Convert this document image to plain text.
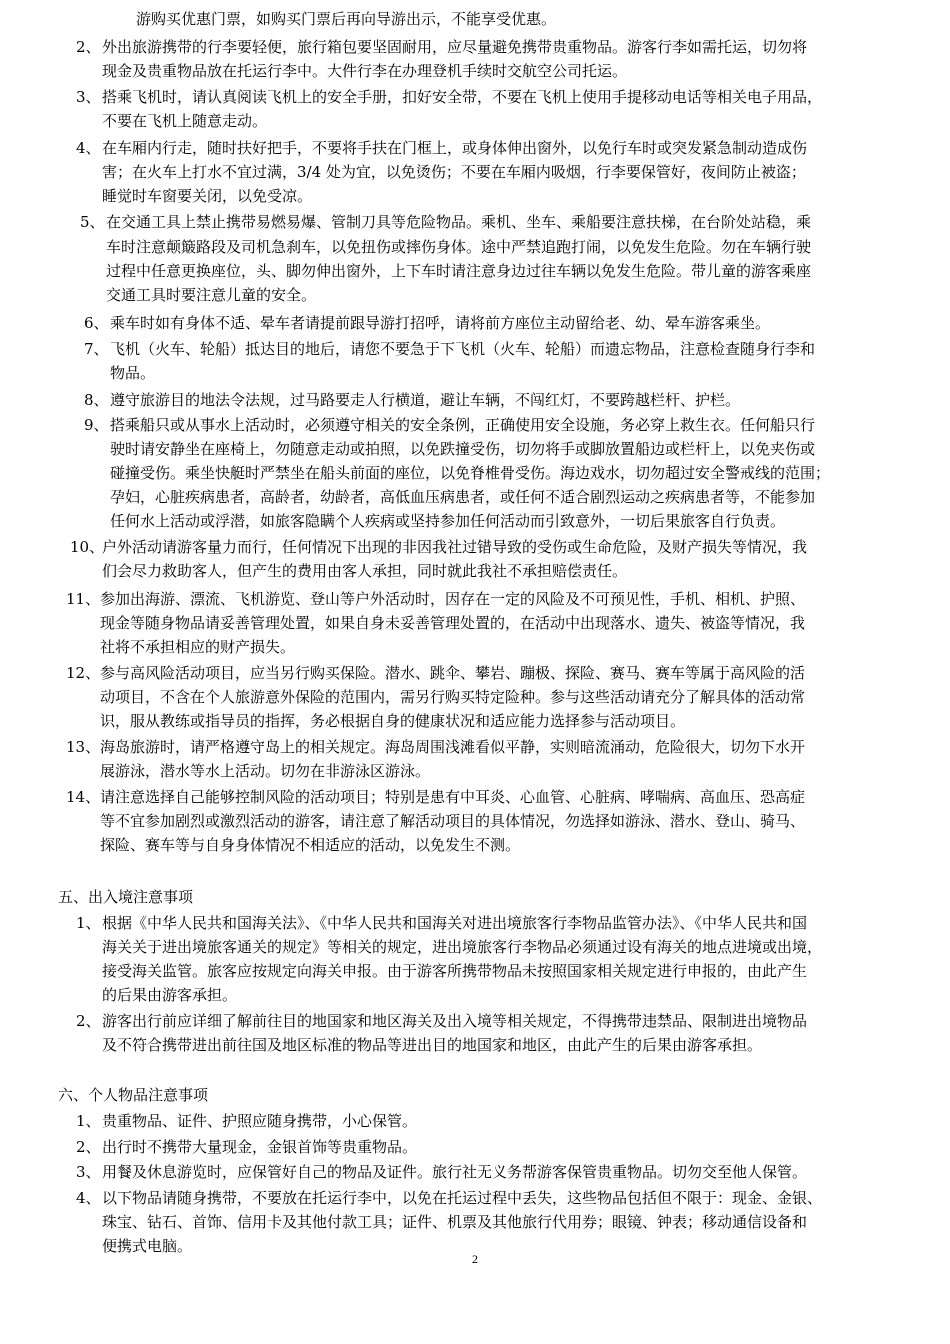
游购买优惠门票，如购买门票后再向导游出示，不能享受优惠。
2、 外出旅游携带的行李要轻便，旅行箱包要坚固耐用，应尽量避免携带贵重物品。游客行李如需托运，切勿将
现金及贵重物品放在托运行李中。大件行李在办理登机手续时交航空公司托运。
3、 搭乘飞机时，请认真阅读飞机上的安全手册，扣好安全带，不要在飞机上使用手提移动电话等相关电子用品，
不要在飞机上随意走动。
4、 在车厢内行走，随时扶好把手，不要将手扶在门框上，或身体伸出窗外，以免行车时或突发紧急制动造成伤
害；在火车上打水不宜过满，3/4 处为宜，以免烫伤；不要在车厢内吸烟，行李要保管好，夜间防止被盗；
睡觉时车窗要关闭，以免受凉。
5、 在交通工具上禁止携带易燃易爆、管制刀具等危险物品。乘机、坐车、乘船要注意扶梯，在台阶处站稳，乘
车时注意颠簸路段及司机急刹车，以免扭伤或摔伤身体。途中严禁追跑打闹，以免发生危险。勿在车辆行驶
过程中任意更换座位，头、脚勿伸出窗外，上下车时请注意身边过往车辆以免发生危险。带儿童的游客乘座
交通工具时要注意儿童的安全。
6、 乘车时如有身体不适、晕车者请提前跟导游打招呼，请将前方座位主动留给老、幼、晕车游客乘坐。
7、 飞机（火车、轮船）抵达目的地后，请您不要急于下飞机（火车、轮船）而遗忘物品，注意检查随身行李和
物品。
8、 遵守旅游目的地法令法规，过马路要走人行横道，避让车辆，不闯红灯，不要跨越栏杆、护栏。
9、 搭乘船只或从事水上活动时，必须遵守相关的安全条例，正确使用安全设施，务必穿上救生衣。任何船只行
驶时请安静坐在座椅上，勿随意走动或拍照，以免跌撞受伤，切勿将手或脚放置船边或栏杆上，以免夹伤或
碰撞受伤。乘坐快艇时严禁坐在船头前面的座位，以免脊椎骨受伤。海边戏水，切勿超过安全警戒线的范围；
孕妇，心脏疾病患者，高龄者，幼龄者，高低血压病患者，或任何不适合剧烈运动之疾病患者等，不能参加
任何水上活动或浮潜，如旅客隐瞒个人疾病或坚持参加任何活动而引致意外，一切后果旅客自行负责。
10、
户外活动请游客量力而行，任何情况下出现的非因我社过错导致的受伤或生命危险，及财产损失等情况，我
们会尽力救助客人，但产生的费用由客人承担，同时就此我社不承担赔偿责任。
11、 参加出海游、漂流、飞机游览、登山等户外活动时，因存在一定的风险及不可预见性，手机、相机、护照、
现金等随身物品请妥善管理处置，如果自身未妥善管理处置的，在活动中出现落水、遗失、被盗等情况，我
社将不承担相应的财产损失。
12、 参与高风险活动项目，应当另行购买保险。潜水、跳伞、攀岩、蹦极、探险、赛马、赛车等属于高风险的活
动项目，不含在个人旅游意外保险的范围内，需另行购买特定险种。参与这些活动请充分了解具体的活动常
识，服从教练或指导员的指挥，务必根据自身的健康状况和适应能力选择参与活动项目。
13、 海岛旅游时，请严格遵守岛上的相关规定。海岛周围浅滩看似平静，实则暗流涌动，危险很大，切勿下水开
展游泳，潜水等水上活动。切勿在非游泳区游泳。
14、 请注意选择自己能够控制风险的活动项目；特别是患有中耳炎、心血管、心脏病、哮喘病、高血压、恐高症
等不宜参加剧烈或激烈活动的游客，请注意了解活动项目的具体情况，勿选择如游泳、潜水、登山、骑马、
探险、赛车等与自身身体情况不相适应的活动，以免发生不测。
五、出入境注意事项
1、 根据《中华人民共和国海关法》、《中华人民共和国海关对进出境旅客行李物品监管办法》、《中华人民共和国
海关关于进出境旅客通关的规定》等相关的规定，进出境旅客行李物品必须通过设有海关的地点进境或出境，
接受海关监管。旅客应按规定向海关申报。由于游客所携带物品未按照国家相关规定进行申报的，由此产生
的后果由游客承担。
2、 游客出行前应详细了解前往目的地国家和地区海关及出入境等相关规定，不得携带违禁品、限制进出境物品
及不符合携带进出前往国及地区标准的物品等进出目的地国家和地区，由此产生的后果由游客承担。
六、个人物品注意事项
1、 贵重物品、证件、护照应随身携带，小心保管。
2、 出行时不携带大量现金，金银首饰等贵重物品。
3、 用餐及休息游览时，应保管好自己的物品及证件。旅行社无义务帮游客保管贵重物品。切勿交至他人保管。
4、 以下物品请随身携带，不要放在托运行李中，以免在托运过程中丢失，这些物品包括但不限于：现金、金银、
珠宝、钻石、首饰、信用卡及其他付款工具；证件、机票及其他旅行代用券；眼镜、钟表；移动通信设备和
便携式电脑。
2
